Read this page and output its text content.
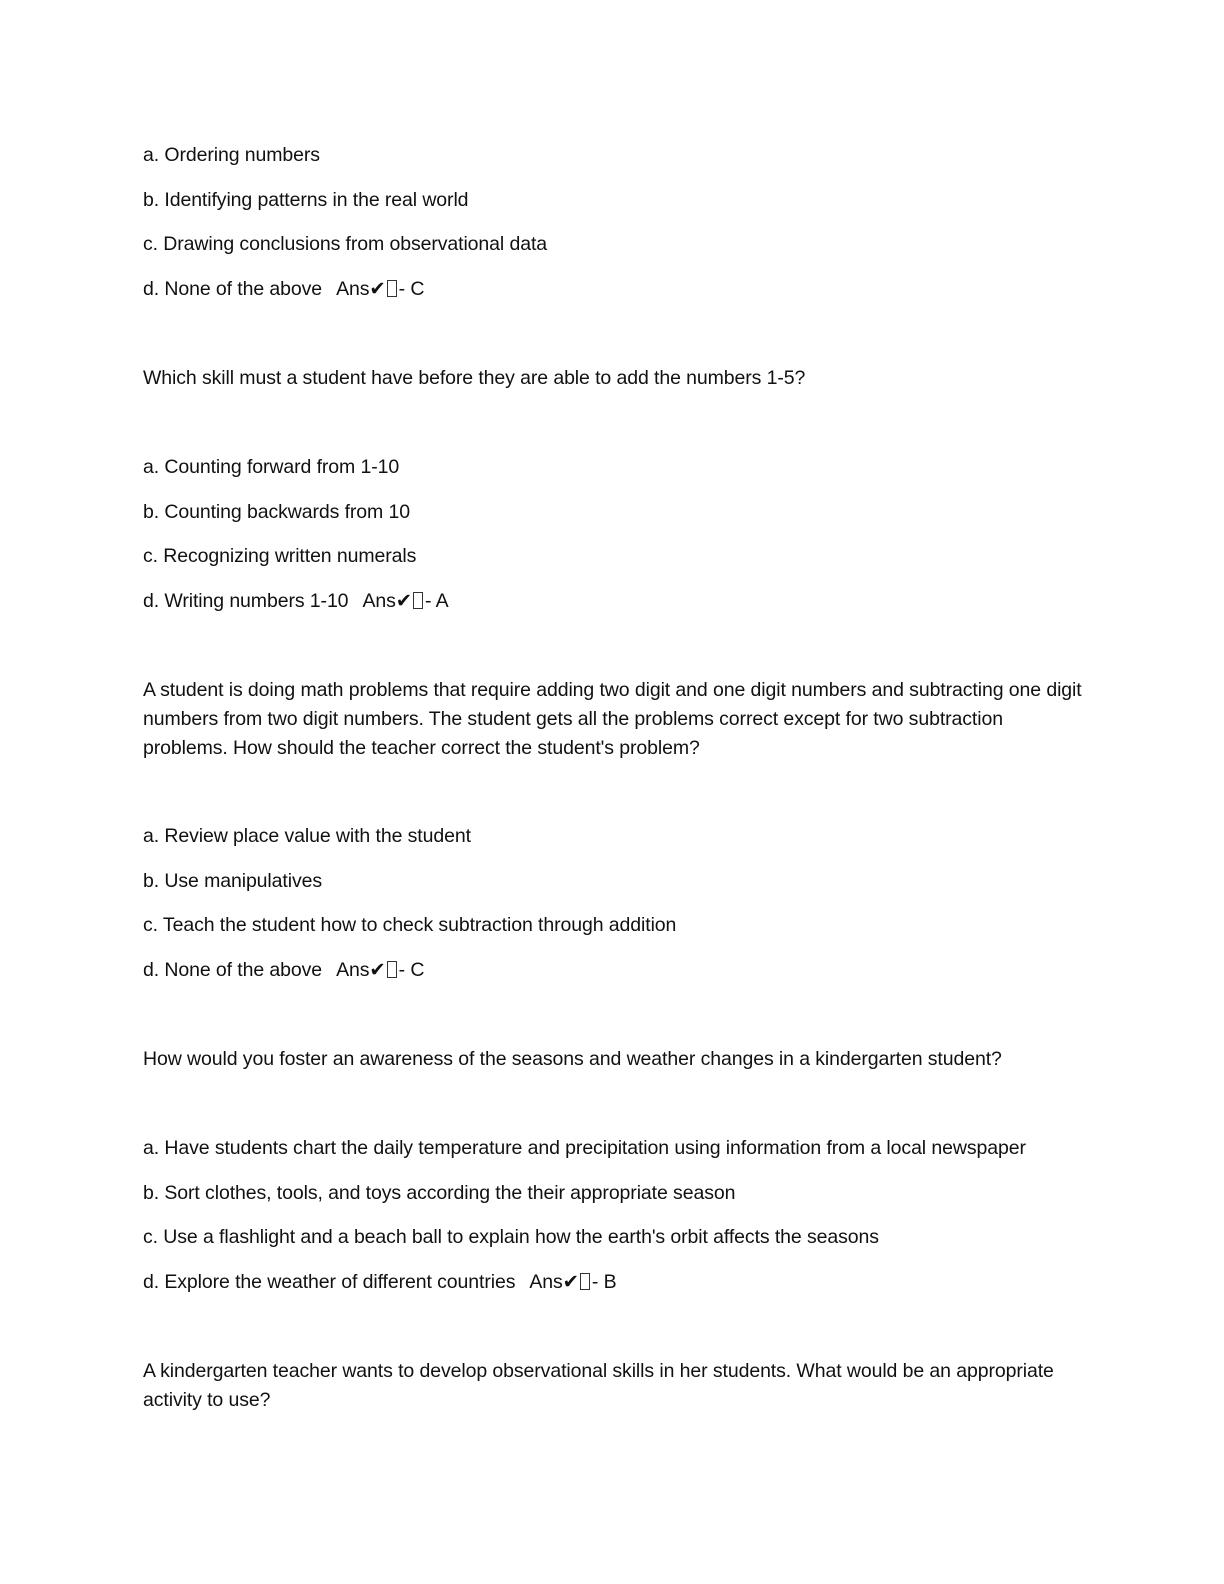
a. Ordering numbers
b. Identifying patterns in the real world
c. Drawing conclusions from observational data
d. None of the above Ans✔ - C
Which skill must a student have before they are able to add the numbers 1-5?
a. Counting forward from 1-10
b. Counting backwards from 10
c. Recognizing written numerals
d. Writing numbers 1-10 Ans✔ - A
A student is doing math problems that require adding two digit and one digit numbers and subtracting one digit numbers from two digit numbers. The student gets all the problems correct except for two subtraction problems. How should the teacher correct the student's problem?
a. Review place value with the student
b. Use manipulatives
c. Teach the student how to check subtraction through addition
d. None of the above Ans✔ - C
How would you foster an awareness of the seasons and weather changes in a kindergarten student?
a. Have students chart the daily temperature and precipitation using information from a local newspaper
b. Sort clothes, tools, and toys according the their appropriate season
c. Use a flashlight and a beach ball to explain how the earth's orbit affects the seasons
d. Explore the weather of different countries Ans✔ - B
A kindergarten teacher wants to develop observational skills in her students. What would be an appropriate activity to use?
